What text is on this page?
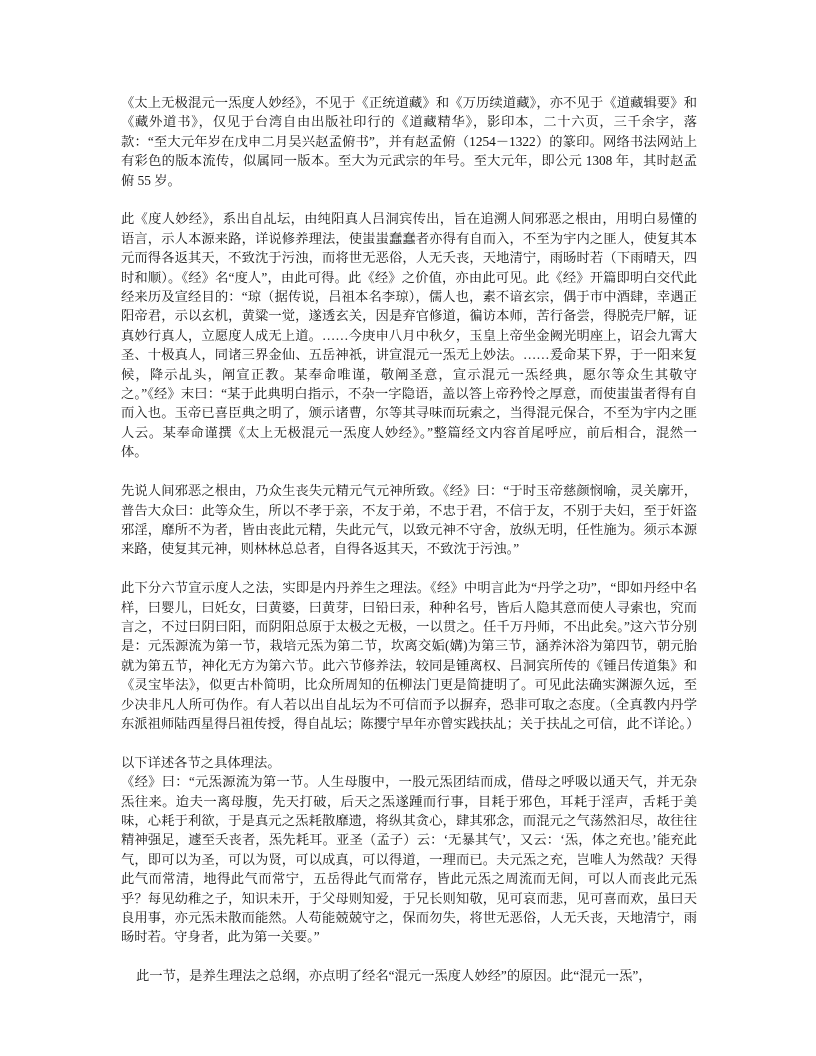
《太上无极混元一炁度人妙经》，不见于《正统道藏》和《万历续道藏》，亦不见于《道藏辑要》和《藏外道书》，仅见于台湾自由出版社印行的《道藏精华》，影印本，二十六页，三千余字，落款：“至大元年岁在戊申二月吴兴赵孟俯书”，并有赵孟俯（1254－1322）的篆印。网络书法网站上有彩色的版本流传，似属同一版本。至大为元武宗的年号。至大元年，即公元 1308 年，其时赵孟俯 55 岁。

此《度人妙经》，系出自乩坛，由纯阳真人吕洞宾传出，旨在追溯人间邪恶之根由，用明白易懂的语言，示人本源来路，详说修养理法，使蚩蚩蠢蠢者亦得有自而入，不至为宇内之匪人，使复其本元而得各返其天，不致沈于污浊，而将世无恶俗，人无夭丧，天地清宁，雨旸时若（下雨晴天，四时和顺）。《经》名“度人”，由此可得。此《经》之价值，亦由此可见。此《经》开篇即明白交代此经来历及宣经目的：“琼（据传说，吕祖本名李琼），儒人也，素不谙玄宗，偶于市中酒肆，幸遇正阳帝君，示以玄机，黄粱一觉，遂透玄关，因是弃官修道，徧访本师，苦行备尝，得脱壳尸解，证真妙行真人，立愿度人成无上道。……今庚申八月中秋夕，玉皇上帝坐金阙光明座上，诏会九霄大圣、十极真人，同诸三界金仙、五岳神祇，讲宣混元一炁无上妙法。……爰命某下界，于一阳来复候，降示乩头，阐宣正教。某奉命唯谨，敬阐圣意，宣示混元一炁经典，愿尔等众生其敬守之。”《经》末曰：“某于此典明白指示，不杂一字隐语，盖以答上帝矜怜之厚意，而使蚩蚩者得有自而入也。玉帝已喜臣典之明了，颁示诸曹，尔等其寻味而玩索之，当得混元保合，不至为宇内之匪人云。某奉命谨撰《太上无极混元一炁度人妙经》。”整篇经文内容首尾呼应，前后相合，混然一体。

先说人间邪恶之根由，乃众生丧失元精元气元神所致。《经》曰：“于时玉帝慈颜悯喻，灵关廓开，普告大众曰：此等众生，所以不孝于亲，不友于弟，不忠于君，不信于友，不别于夫妇，至于奸盗邪淫，靡所不为者，皆由丧此元精，失此元气，以致元神不守舍，放纵无明，任性施为。须示本源来路，使复其元神，则林林总总者，自得各返其天，不致沈于污浊。”

此下分六节宣示度人之法，实即是内丹养生之理法。《经》中明言此为“丹学之功”，“即如丹经中名样，曰婴儿，曰奼女，曰黄婆，曰黄芽，曰铅曰汞，种种名号，皆后人隐其意而使人寻索也，究而言之，不过曰阴曰阳，而阴阳总原于太极之无极，一以贯之。任千万丹师，不出此矣。”这六节分别是：元炁源流为第一节，栽培元炁为第二节，坎离交姤(媾)为第三节，涵养沐浴为第四节，朝元胎就为第五节，神化无方为第六节。此六节修养法，较同是锺离权、吕洞宾所传的《锺吕传道集》和《灵宝毕法》，似更古朴简明，比众所周知的伍柳法门更是简捷明了。可见此法确实渊源久远，至少决非凡人所可伪作。有人若以出自乩坛为不可信而予以摒弃，恐非可取之态度。（全真教内丹学东派祖师陆西星得吕祖传授，得自乩坛；陈撄宁早年亦曾实践扶乩；关于扶乩之可信，此不详论。）

以下详述各节之具体理法。

《经》曰：“元炁源流为第一节。人生母腹中，一股元炁团结而成，借母之呼吸以通天气，并无杂炁往来。迨夫一离母腹，先天打破，后天之炁遂踵而行事，目耗于邪色，耳耗于淫声，舌耗于美味，心耗于利欲，于是真元之炁耗散靡遗，将纵其贪心，肆其邪念，而混元之气荡然汩尽，故往往精神强足，遽至夭丧者，炁先耗耳。亚圣（孟子）云：‘无暴其气’，又云：‘炁，体之充也。’能充此气，即可以为圣，可以为贤，可以成真，可以得道，一理而已。夫元炁之充，岂唯人为然哉？天得此气而常清，地得此气而常宁，五岳得此气而常存，皆此元炁之周流而无间，可以人而丧此元炁乎？每见幼稚之子，知识未开，于父母则知爱，于兄长则知敬，见可哀而悲，见可喜而欢，虽曰天良用事，亦元炁未散而能然。人苟能兢兢守之，保而勿失，将世无恶俗，人无夭丧，天地清宁，雨旸时若。守身者，此为第一关要。”

此一节，是养生理法之总纲，亦点明了经名“混元一炁度人妙经”的原因。此“混元一炁”，
